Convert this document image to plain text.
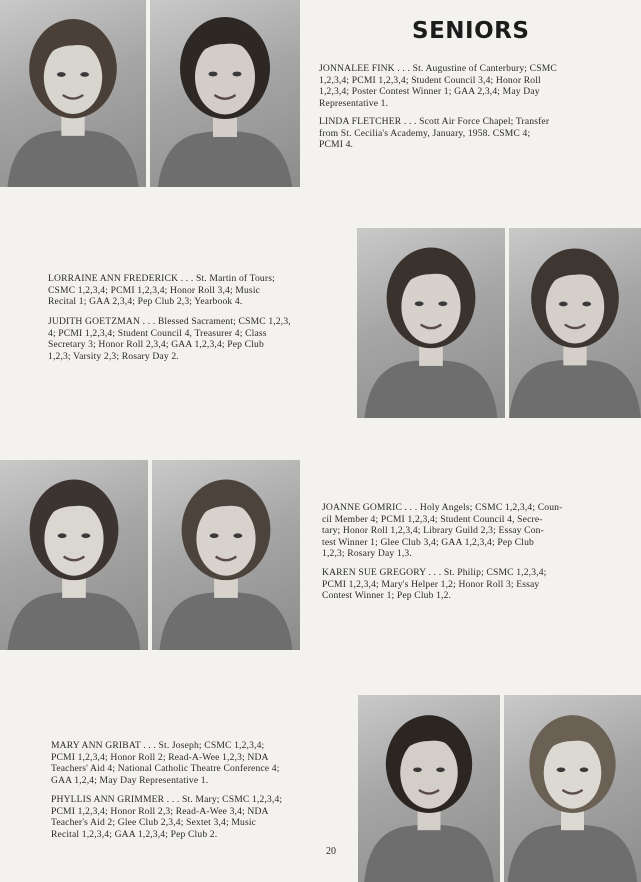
SENIORS
JONNALEE FINK . . . St. Augustine of Canterbury; CSMC
1,2,3,4; PCMI 1,2,3,4; Student Council 3,4; Honor Roll
1,2,3,4; Poster Contest Winner 1; GAA 2,3,4; May Day
Representative 1.
LINDA FLETCHER . . . Scott Air Force Chapel; Transfer
from St. Cecilia's Academy, January, 1958. CSMC 4;
PCMI 4.
LORRAINE ANN FREDERICK . . . St. Martin of Tours;
CSMC 1,2,3,4; PCMI 1,2,3,4; Honor Roll 3,4; Music
Recital 1; GAA 2,3,4; Pep Club 2,3; Yearbook 4.
JUDITH GOETZMAN . . . Blessed Sacrament; CSMC 1,2,3,
4; PCMI 1,2,3,4; Student Council 4, Treasurer 4; Class
Secretary 3; Honor Roll 2,3,4; GAA 1,2,3,4; Pep Club
1,2,3; Varsity 2,3; Rosary Day 2.
JOANNE GOMRIC . . . Holy Angels; CSMC 1,2,3,4; Coun-
cil Member 4; PCMI 1,2,3,4; Student Council 4, Secre-
tary; Honor Roll 1,2,3,4; Library Guild 2,3; Essay Con-
test Winner 1; Glee Club 3,4; GAA 1,2,3,4; Pep Club
1,2,3; Rosary Day 1,3.
KAREN SUE GREGORY . . . St. Philip; CSMC 1,2,3,4;
PCMI 1,2,3,4; Mary's Helper 1,2; Honor Roll 3; Essay
Contest Winner 1; Pep Club 1,2.
MARY ANN GRIBAT . . . St. Joseph; CSMC 1,2,3,4;
PCMI 1,2,3,4; Honor Roll 2; Read-A-Wee 1,2,3; NDA
Teachers' Aid 4; National Catholic Theatre Conference 4;
GAA 1,2,4; May Day Representative 1.
PHYLLIS ANN GRIMMER . . . St. Mary; CSMC 1,2,3,4;
PCMI 1,2,3,4; Honor Roll 2,3; Read-A-Wee 3,4; NDA
Teacher's Aid 2; Glee Club 2,3,4; Sextet 3,4; Music
Recital 1,2,3,4; GAA 1,2,3,4; Pep Club 2.
20
